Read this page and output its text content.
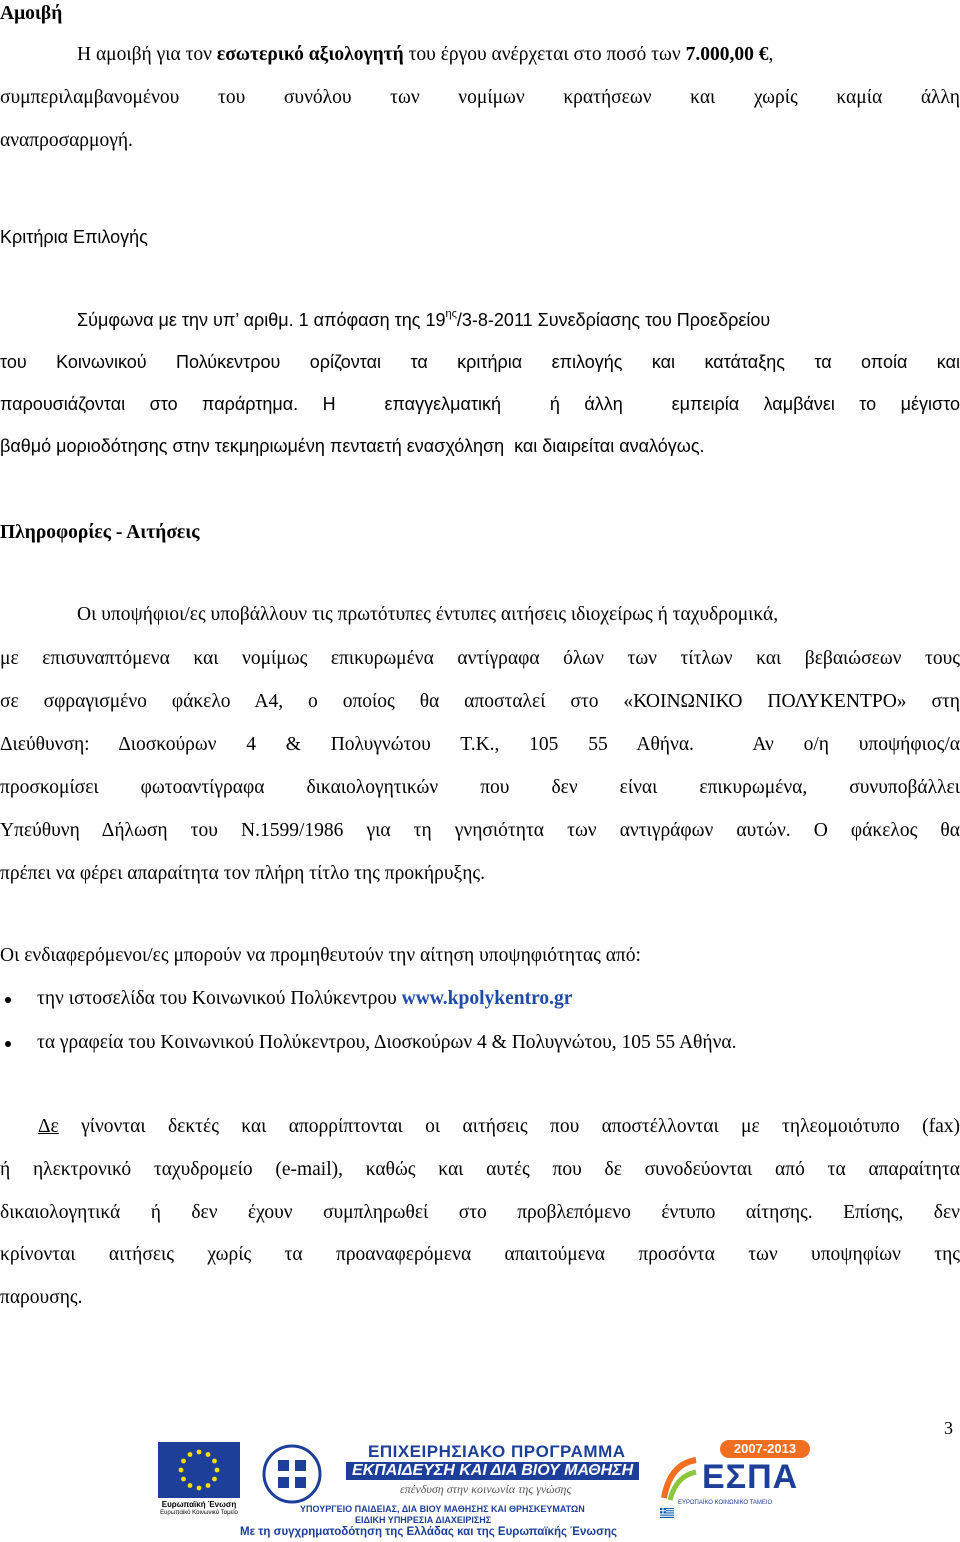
Αμοιβή
Η αμοιβή για τον εσωτερικό αξιολογητή του έργου ανέρχεται στο ποσό των 7.000,00 €,
συμπεριλαμβανομένου του συνόλου των νομίμων κρατήσεων και χωρίς καμία άλλη
αναπροσαρμογή.
Κριτήρια Επιλογής
Σύμφωνα με την υπ’ αριθμ. 1 απόφαση της $19^{\eta\varsigma}/3-8-2011$ Συνεδρίασης του Προεδρείου
του Κοινωνικού Πολύκεντρου ορίζονται τα κριτήρια επιλογής και κατάταξης τα οποία και
παρουσιάζονται στο παράρτημα. Η  επαγγελματική  ή άλλη  εμπειρία λαμβάνει το μέγιστο
βαθμό μοριοδότησης στην τεκμηριωμένη πενταετή ενασχόληση  και διαιρείται αναλόγως.
Πληροφορίες - Αιτήσεις
Οι υποψήφιοι/ες υποβάλλουν τις πρωτότυπες έντυπες αιτήσεις ιδιοχείρως ή ταχυδρομικά,
με επισυναπτόμενα και νομίμως επικυρωμένα αντίγραφα όλων των τίτλων και βεβαιώσεων τους
σε σφραγισμένο φάκελο Α4, ο οποίος θα αποσταλεί στο «ΚΟΙΝΩΝΙΚΟ ΠΟΛΥΚΕΝΤΡΟ» στη
Διεύθυνση: Διοσκούρων 4 & Πολυγνώτου Τ.Κ., 105 55 Αθήνα.  Αν ο/η υποψήφιος/α
προσκομίσει φωτοαντίγραφα δικαιολογητικών που δεν είναι επικυρωμένα, συνυποβάλλει
Υπεύθυνη Δήλωση του Ν.1599/1986 για τη γνησιότητα των αντιγράφων αυτών. Ο φάκελος θα
πρέπει να φέρει απαραίτητα τον πλήρη τίτλο της προκήρυξης.
Οι ενδιαφερόμενοι/ες μπορούν να προμηθευτούν την αίτηση υποψηφιότητας από:
την ιστοσελίδα του Κοινωνικού Πολύκεντρου www.kpolykentro.gr
τα γραφεία του Κοινωνικού Πολύκεντρου, Διοσκούρων 4 & Πολυγνώτου, 105 55 Αθήνα.
Δε γίνονται δεκτές και απορρίπτονται οι αιτήσεις που αποστέλλονται με τηλεομοιότυπο (fax)
ή ηλεκτρονικό ταχυδρομείο (e-mail), καθώς και αυτές που δε συνοδεύονται από τα απαραίτητα
δικαιολογητικά ή δεν έχουν συμπληρωθεί στο προβλεπόμενο έντυπο αίτησης. Επίσης, δεν
κρίνονται αιτήσεις χωρίς τα προαναφερόμενα απαιτούμενα προσόντα των υποψηφίων της
παρουσης.
3
Ευρωπαϊκή Ένωση
Ευρωπαϊκό Κοινωνικό Ταμείο
ΕΠΙΧΕΙΡΗΣΙΑΚΟ ΠΡΟΓΡΑΜΜΑ
ΕΚΠΑΙΔΕΥΣΗ ΚΑΙ ΔΙΑ ΒΙΟΥ ΜΑΘΗΣΗ
επένδυση στην κοινωνία της γνώσης
ΥΠΟΥΡΓΕΙΟ ΠΑΙΔΕΙΑΣ, ΔΙΑ ΒΙΟΥ ΜΑΘΗΣΗΣ ΚΑΙ ΘΡΗΣΚΕΥΜΑΤΩΝ
ΕΙΔΙΚΗ ΥΠΗΡΕΣΙΑ ΔΙΑΧΕΙΡΙΣΗΣ
2007-2013
ΕΣΠΑ
ΕΥΡΩΠΑΪΚΟ ΚΟΙΝΩΝΙΚΟ ΤΑΜΕΙΟ
Με τη συγχρηματοδότηση της Ελλάδας και της Ευρωπαϊκής Ένωσης
